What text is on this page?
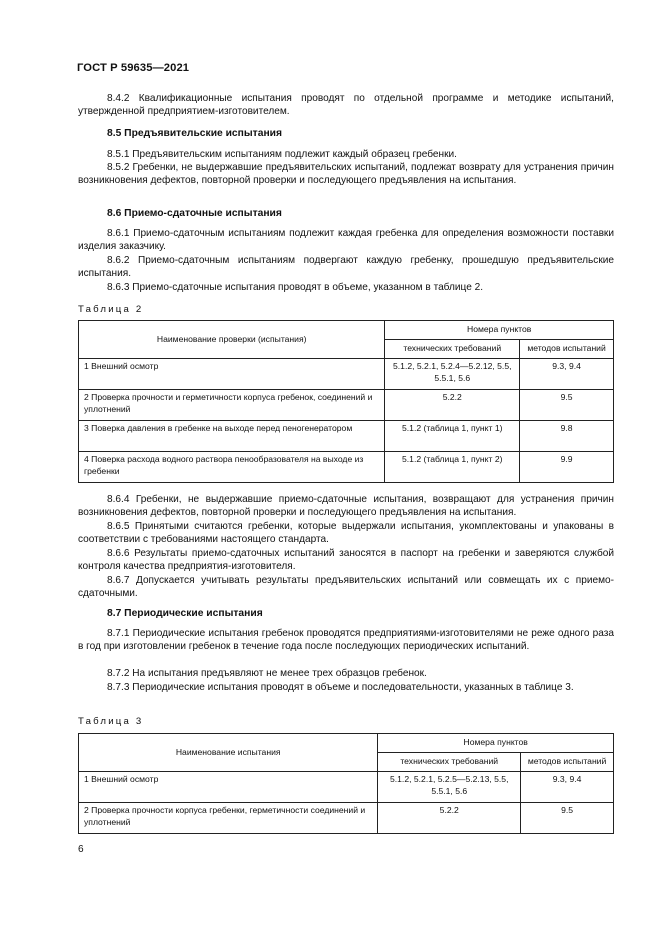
ГОСТ Р 59635—2021
8.4.2 Квалификационные испытания проводят по отдельной программе и методике испытаний, утвержденной предприятием-изготовителем.
8.5 Предъявительские испытания
8.5.1 Предъявительским испытаниям подлежит каждый образец гребенки.
8.5.2 Гребенки, не выдержавшие предъявительских испытаний, подлежат возврату для устранения причин возникновения дефектов, повторной проверки и последующего предъявления на испытания.
8.6 Приемо-сдаточные испытания
8.6.1 Приемо-сдаточным испытаниям подлежит каждая гребенка для определения возможности поставки изделия заказчику.
8.6.2 Приемо-сдаточным испытаниям подвергают каждую гребенку, прошедшую предъявительские испытания.
8.6.3 Приемо-сдаточные испытания проводят в объеме, указанном в таблице 2.
Таблица 2
Наименование проверки (испытания)	Номера пунктов	
	технических требований	методов испытаний
1 Внешний осмотр	5.1.2, 5.2.1, 5.2.4—5.2.12, 5.5, 5.5.1, 5.6	9.3, 9.4
2 Проверка прочности и герметичности корпуса гребенок, соединений и уплотнений	5.2.2	9.5
3 Поверка давления в гребенке на выходе перед пеногенератором	5.1.2 (таблица 1, пункт 1)	9.8
4 Поверка расхода водного раствора пенообразователя на выходе из гребенки	5.1.2 (таблица 1, пункт 2)	9.9
8.6.4 Гребенки, не выдержавшие приемо-сдаточные испытания, возвращают для устранения причин возникновения дефектов, повторной проверки и последующего предъявления на испытания.
8.6.5 Принятыми считаются гребенки, которые выдержали испытания, укомплектованы и упакованы в соответствии с требованиями настоящего стандарта.
8.6.6 Результаты приемо-сдаточных испытаний заносятся в паспорт на гребенки и заверяются службой контроля качества предприятия-изготовителя.
8.6.7 Допускается учитывать результаты предъявительских испытаний или совмещать их с приемо-сдаточными.
8.7 Периодические испытания
8.7.1 Периодические испытания гребенок проводятся предприятиями-изготовителями не реже одного раза в год при изготовлении гребенок в течение года после последующих периодических испытаний.
8.7.2 На испытания предъявляют не менее трех образцов гребенок.
8.7.3 Периодические испытания проводят в объеме и последовательности, указанных в таблице 3.
Таблица 3
Наименование испытания	Номера пунктов	
	технических требований	методов испытаний
1 Внешний осмотр	5.1.2, 5.2.1, 5.2.5—5.2.13, 5.5, 5.5.1, 5.6	9.3, 9.4
2 Проверка прочности корпуса гребенки, герметичности соединений и уплотнений	5.2.2	9.5
6
